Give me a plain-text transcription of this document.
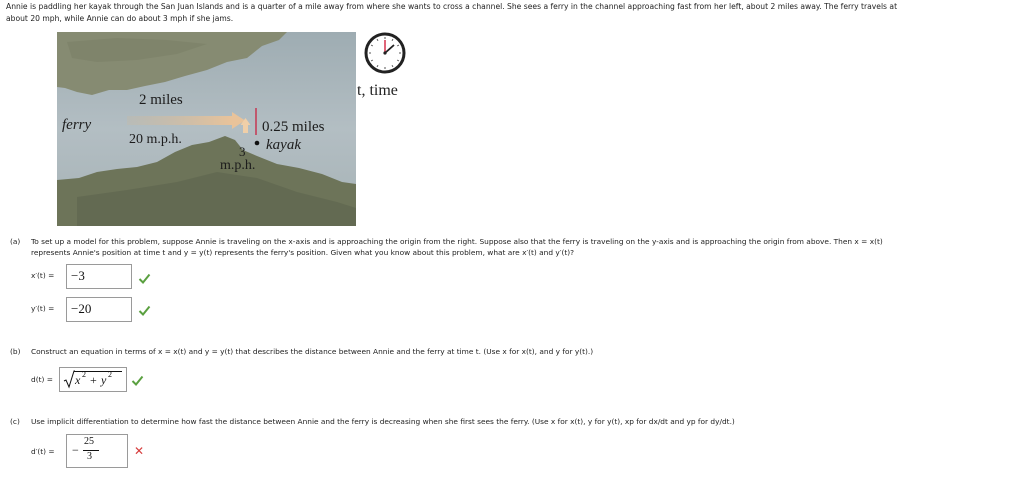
Annie is paddling her kayak through the San Juan Islands and is a quarter of a mile away from where she wants to cross a channel. She sees a ferry in the channel approaching fast from her left, about 2 miles away. The ferry travels at
about 20 mph, while Annie can do about 3 mph if she jams.
2 miles
ferry
20 m.p.h.
0.25 miles
kayak
3
m.p.h.
t, time
(a) To set up a model for this problem, suppose Annie is traveling on the x-axis and is approaching the origin from the right. Suppose also that the ferry is traveling on the y-axis and is approaching the origin from above. Then x = x(t)
represents Annie's position at time t and y = y(t) represents the ferry's position. Given what you know about this problem, what are x′(t) and y′(t)?
x′(t) = −3
y′(t) = −20
(b) Construct an equation in terms of x = x(t) and y = y(t) that describes the distance between Annie and the ferry at time t. (Use x for x(t), and y for y(t).)
d(t) = x 2 + y 2
(c) Use implicit differentiation to determine how fast the distance between Annie and the ferry is decreasing when she first sees the ferry. (Use x for x(t), y for y(t), xp for dx/dt and yp for dy/dt.)
d′(t) = −
25
3	✕
